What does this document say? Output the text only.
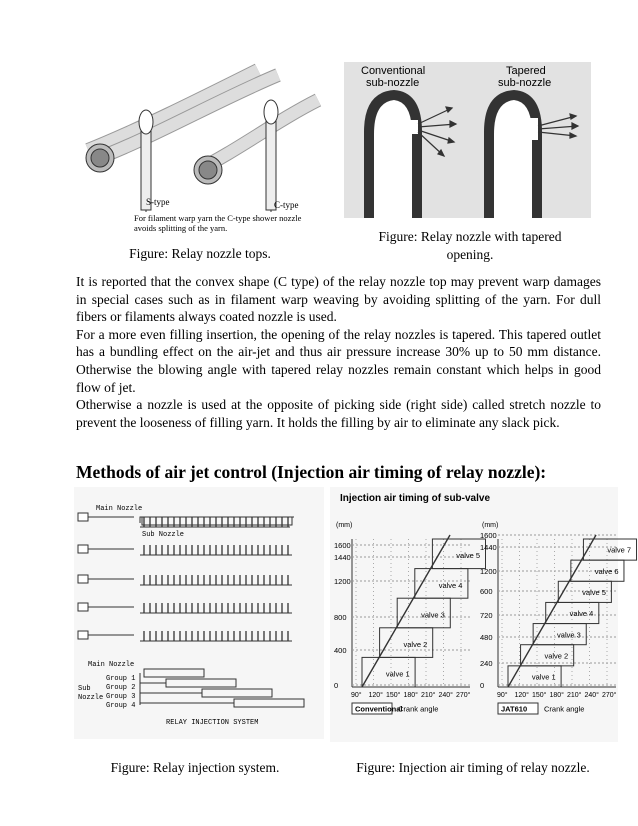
S-type	C-type
For filament warp yarn the C-type shower nozzle
avoids splitting of the yarn.
Figure: Relay nozzle tops.
Conventional
sub-nozzle
Tapered
sub-nozzle
Figure: Relay nozzle with tapered opening.

It is reported that the convex shape (C type) of the relay nozzle top may prevent warp damages in special cases such as in filament warp weaving by avoiding splitting of the yarn. For dull fibers or filaments always coated nozzle is used.

For a more even filling insertion, the opening of the relay nozzles is tapered. This tapered outlet has a bundling effect on the air-jet and thus air pressure increase 30% up to 50 mm distance. Otherwise the blowing angle with tapered relay nozzles remain constant which helps in good flow of jet.

Otherwise a nozzle is used at the opposite of picking side (right side) called stretch nozzle to prevent the looseness of filling yarn. It holds the filling by air to eliminate any slack pick.

Methods of air jet control (Injection air timing of relay nozzle):
Main Nozzle
Sub Nozzle
Main Nozzle
Sub
Nozzle
Group 1
Group 2
Group 3
Group 4
RELAY INJECTION SYSTEM
Figure: Relay injection system.
Injection air timing of sub-valve
(mm)
1600
1440
1200
800
400
0
90° 120° 150° 180° 210° 240° 270°
valve 5
valve 4
valve 3
valve 2
valve 1
Conventional
Crank angle
(mm)
1600
1440
1200
600
720
480
240
0
90° 120° 150° 180° 210° 240° 270°
valve 7
valve 6
valve 5
valve 4
valve 3
valve 2
valve 1
JAT610 Crank angle
Figure: Injection air timing of relay nozzle.
